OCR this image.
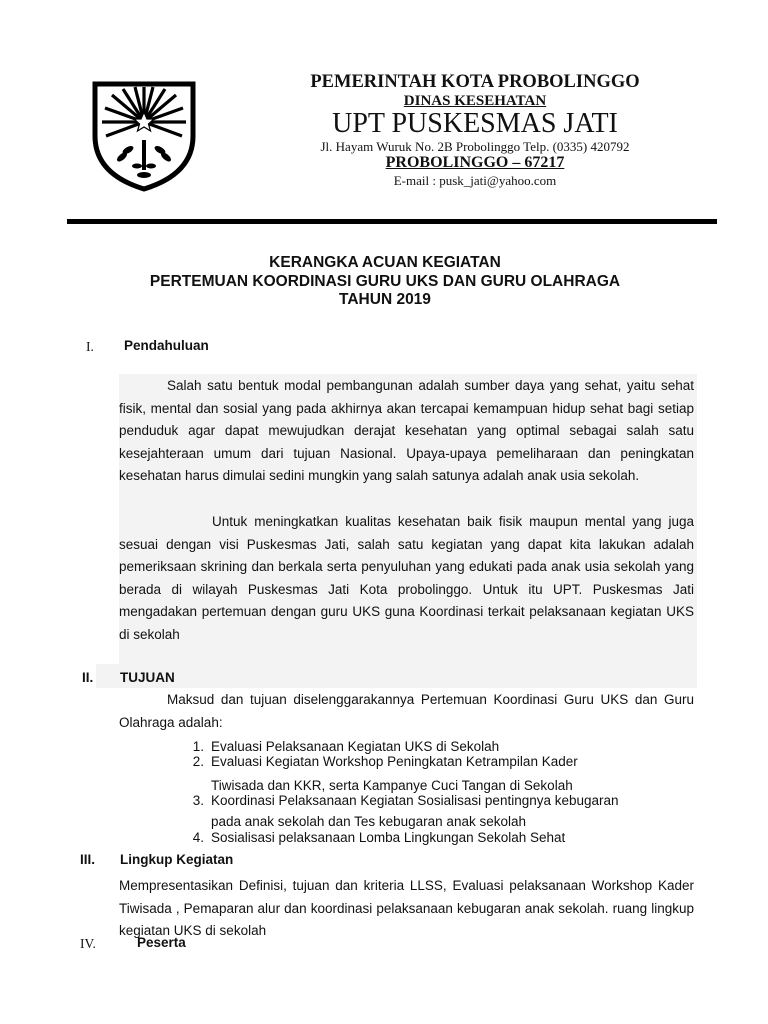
PEMERINTAH KOTA PROBOLINGGO
DINAS KESEHATAN
UPT PUSKESMAS JATI
Jl. Hayam Wuruk No. 2B Probolinggo Telp. (0335) 420792
PROBOLINGGO – 67217
E-mail : pusk_jati@yahoo.com
KERANGKA ACUAN KEGIATAN
PERTEMUAN KOORDINASI GURU UKS DAN GURU OLAHRAGA
TAHUN 2019
I. Pendahuluan
Salah satu bentuk modal pembangunan adalah sumber daya yang sehat, yaitu sehat fisik, mental dan sosial yang pada akhirnya akan tercapai kemampuan hidup sehat bagi setiap penduduk agar dapat mewujudkan derajat kesehatan yang optimal sebagai salah satu kesejahteraan umum dari tujuan Nasional. Upaya-upaya pemeliharaan dan peningkatan kesehatan harus dimulai sedini mungkin yang salah satunya adalah anak usia sekolah.
Untuk meningkatkan kualitas kesehatan baik fisik maupun mental yang juga sesuai dengan visi Puskesmas Jati, salah satu kegiatan yang dapat kita lakukan adalah pemeriksaan skrining dan berkala serta penyuluhan yang edukati pada anak usia sekolah yang berada di wilayah Puskesmas Jati Kota probolinggo. Untuk itu UPT. Puskesmas Jati mengadakan pertemuan dengan guru UKS guna Koordinasi terkait pelaksanaan kegiatan UKS di sekolah
II. TUJUAN
Maksud dan tujuan diselenggarakannya Pertemuan Koordinasi Guru UKS dan Guru Olahraga adalah:
1. Evaluasi Pelaksanaan Kegiatan UKS di Sekolah
2. Evaluasi Kegiatan Workshop Peningkatan Ketrampilan Kader
Tiwisada dan KKR, serta Kampanye Cuci Tangan di Sekolah
3. Koordinasi Pelaksanaan Kegiatan Sosialisasi pentingnya kebugaran
pada anak sekolah dan Tes kebugaran anak sekolah
4. Sosialisasi pelaksanaan Lomba Lingkungan Sekolah Sehat
III. Lingkup Kegiatan
Mempresentasikan Definisi, tujuan dan kriteria LLSS, Evaluasi pelaksanaan Workshop Kader Tiwisada , Pemaparan alur dan koordinasi pelaksanaan kebugaran anak sekolah. ruang lingkup kegiatan UKS di sekolah
IV.	Peserta
